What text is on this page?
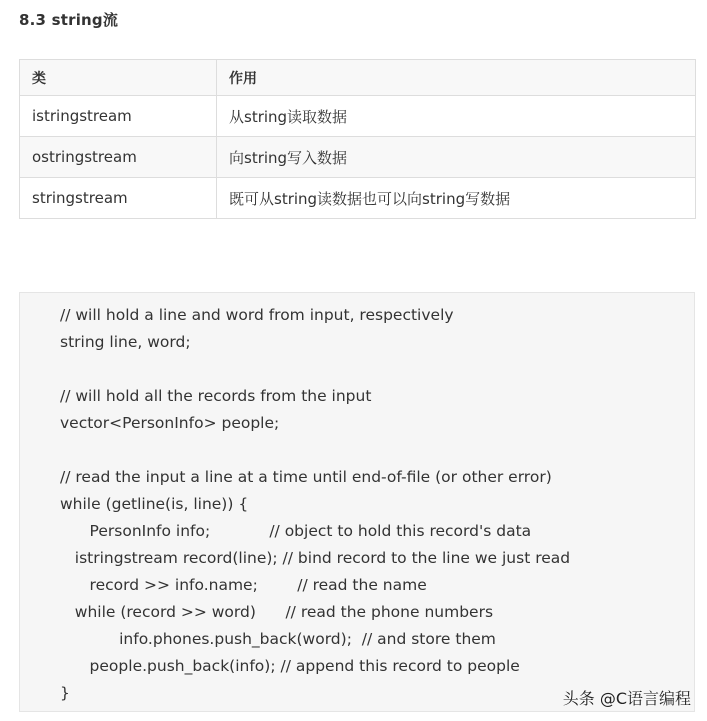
8.3 string流
类	作用
istringstream	从string读取数据
ostringstream	向string写入数据
stringstream	既可从string读数据也可以向string写数据
// will hold a line and word from input, respectively
string line, word;
// will hold all the records from the input
vector<PersonInfo> people;
// read the input a line at a time until end-of-file (or other error)
while (getline(is, line)) {
PersonInfo info;            // object to hold this record's data
istringstream record(line); // bind record to the line we just read
record >> info.name;        // read the name
while (record >> word)      // read the phone numbers
info.phones.push_back(word);  // and store them
people.push_back(info); // append this record to people
}	头条 @C语言编程
